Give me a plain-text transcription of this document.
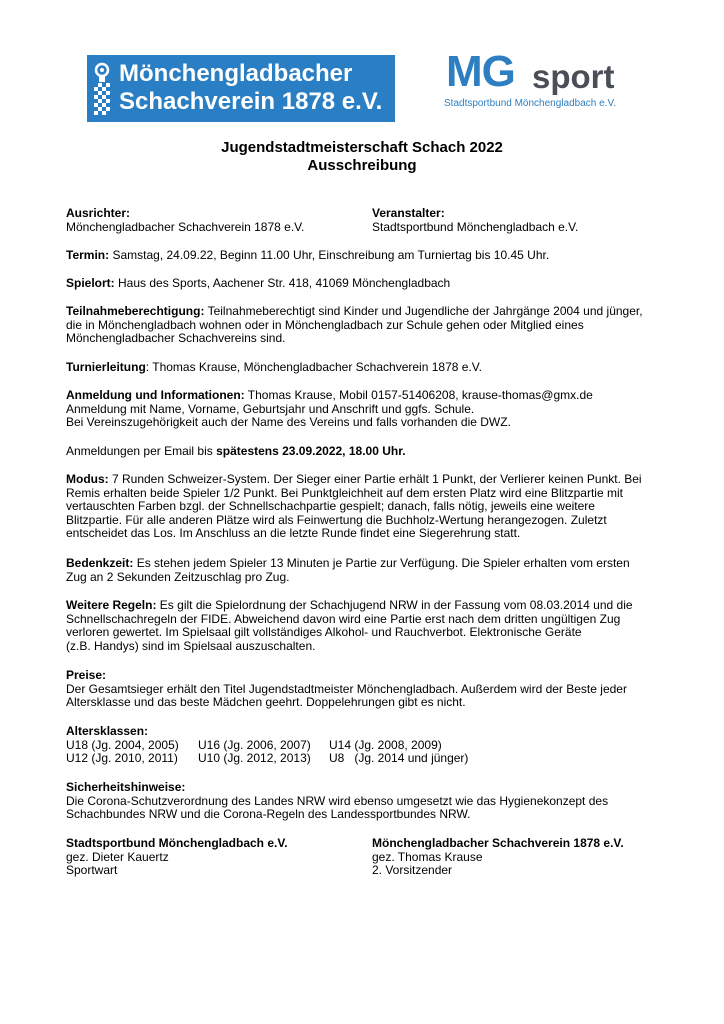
Mönchengladbacher
Schachverein 1878 e.V.
MG sport
Stadtsportbund Mönchengladbach e.V.
Jugendstadtmeisterschaft Schach 2022
Ausschreibung
Ausrichter:
Mönchengladbacher Schachverein 1878 e.V.
Veranstalter:
Stadtsportbund Mönchengladbach e.V.
Termin: Samstag, 24.09.22, Beginn 11.00 Uhr, Einschreibung am Turniertag bis 10.45 Uhr.
Spielort: Haus des Sports, Aachener Str. 418, 41069 Mönchengladbach
Teilnahmeberechtigung: Teilnahmeberechtigt sind Kinder und Jugendliche der Jahrgänge 2004 und jünger,
die in Mönchengladbach wohnen oder in Mönchengladbach zur Schule gehen oder Mitglied eines
Mönchengladbacher Schachvereins sind.
Turnierleitung: Thomas Krause, Mönchengladbacher Schachverein 1878 e.V.
Anmeldung und Informationen: Thomas Krause, Mobil 0157-51406208, krause-thomas@gmx.de
Anmeldung mit Name, Vorname, Geburtsjahr und Anschrift und ggfs. Schule.
Bei Vereinszugehörigkeit auch der Name des Vereins und falls vorhanden die DWZ.
Anmeldungen per Email bis spätestens 23.09.2022, 18.00 Uhr.
Modus: 7 Runden Schweizer-System. Der Sieger einer Partie erhält 1 Punkt, der Verlierer keinen Punkt. Bei
Remis erhalten beide Spieler 1/2 Punkt. Bei Punktgleichheit auf dem ersten Platz wird eine Blitzpartie mit
vertauschten Farben bzgl. der Schnellschachpartie gespielt; danach, falls nötig, jeweils eine weitere
Blitzpartie. Für alle anderen Plätze wird als Feinwertung die Buchholz-Wertung herangezogen. Zuletzt
entscheidet das Los. Im Anschluss an die letzte Runde findet eine Siegerehrung statt.
Bedenkzeit: Es stehen jedem Spieler 13 Minuten je Partie zur Verfügung. Die Spieler erhalten vom ersten
Zug an 2 Sekunden Zeitzuschlag pro Zug.
Weitere Regeln: Es gilt die Spielordnung der Schachjugend NRW in der Fassung vom 08.03.2014 und die
Schnellschachregeln der FIDE. Abweichend davon wird eine Partie erst nach dem dritten ungültigen Zug
verloren gewertet. Im Spielsaal gilt vollständiges Alkohol- und Rauchverbot. Elektronische Geräte
(z.B. Handys) sind im Spielsaal auszuschalten.
Preise:
Der Gesamtsieger erhält den Titel Jugendstadtmeister Mönchengladbach. Außerdem wird der Beste jeder
Altersklasse und das beste Mädchen geehrt. Doppelehrungen gibt es nicht.
Altersklassen:
U18 (Jg. 2004, 2005)	U16 (Jg. 2006, 2007)	U14 (Jg. 2008, 2009)
U12 (Jg. 2010, 2011)	U10 (Jg. 2012, 2013)	U8   (Jg. 2014 und jünger)
Sicherheitshinweise:
Die Corona-Schutzverordnung des Landes NRW wird ebenso umgesetzt wie das Hygienekonzept des
Schachbundes NRW und die Corona-Regeln des Landessportbundes NRW.
Stadtsportbund Mönchengladbach e.V.
gez. Dieter Kauertz
Sportwart
Mönchengladbacher Schachverein 1878 e.V.
gez. Thomas Krause
2. Vorsitzender
